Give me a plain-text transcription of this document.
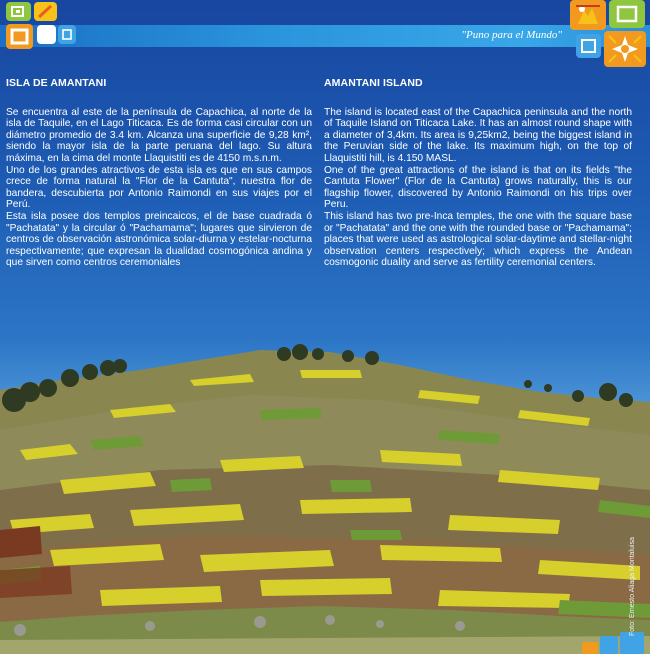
"Puno para el Mundo"
ISLA DE AMANTANI
Se encuentra al este de la península de Capachica, al norte de la isla de Taquile, en el Lago Titicaca. Es de forma casi circular con un diámetro promedio de 3.4 km. Alcanza una superficie de 9,28 km², siendo la mayor isla de la parte peruana del lago. Su altura máxima, en la cima del monte Llaquistiti es de 4150 m.s.n.m.
Uno de los grandes atractivos de esta isla es que en sus campos crece de forma natural la "Flor de la Cantuta", nuestra flor de bandera, descubierta por Antonio Raimondi en sus viajes por el Perú.
Esta isla posee dos templos preincaicos, el de base cuadrada ó "Pachatata" y la circular ó "Pachamama"; lugares que sirvieron de centros de observación astronómica solar-diurna y estelar-nocturna respectivamente; que expresan la dualidad cosmogónica andina y que sirven como centros ceremoniales
AMANTANI ISLAND
The island is located east of the Capachica peninsula and the north of Taquile Island on Titicaca Lake. It has an almost round shape with a diameter of 3,4km. Its area is 9,25km2, being the biggest island in the Peruvian side of the lake. Its maximum high, on the top of Llaquistiti hill, is 4.150 MASL.
One of the great attractions of the island is that on its fields "the Cantuta Flower" (Flor de la Cantuta) grows naturally, this is our flagship flower, discovered by Antonio Raimondi on his trips over Peru.
This island has two pre-Inca temples, the one with the square base or "Pachatata" and the one with the rounded base or "Pachamama"; places that were used as astrological solar-daytime and stellar-night observation centers respectively; which express the Andean cosmogonic duality and serve as fertility ceremonial centers.
Foto: Ernesto Aliaga Montaluisa
